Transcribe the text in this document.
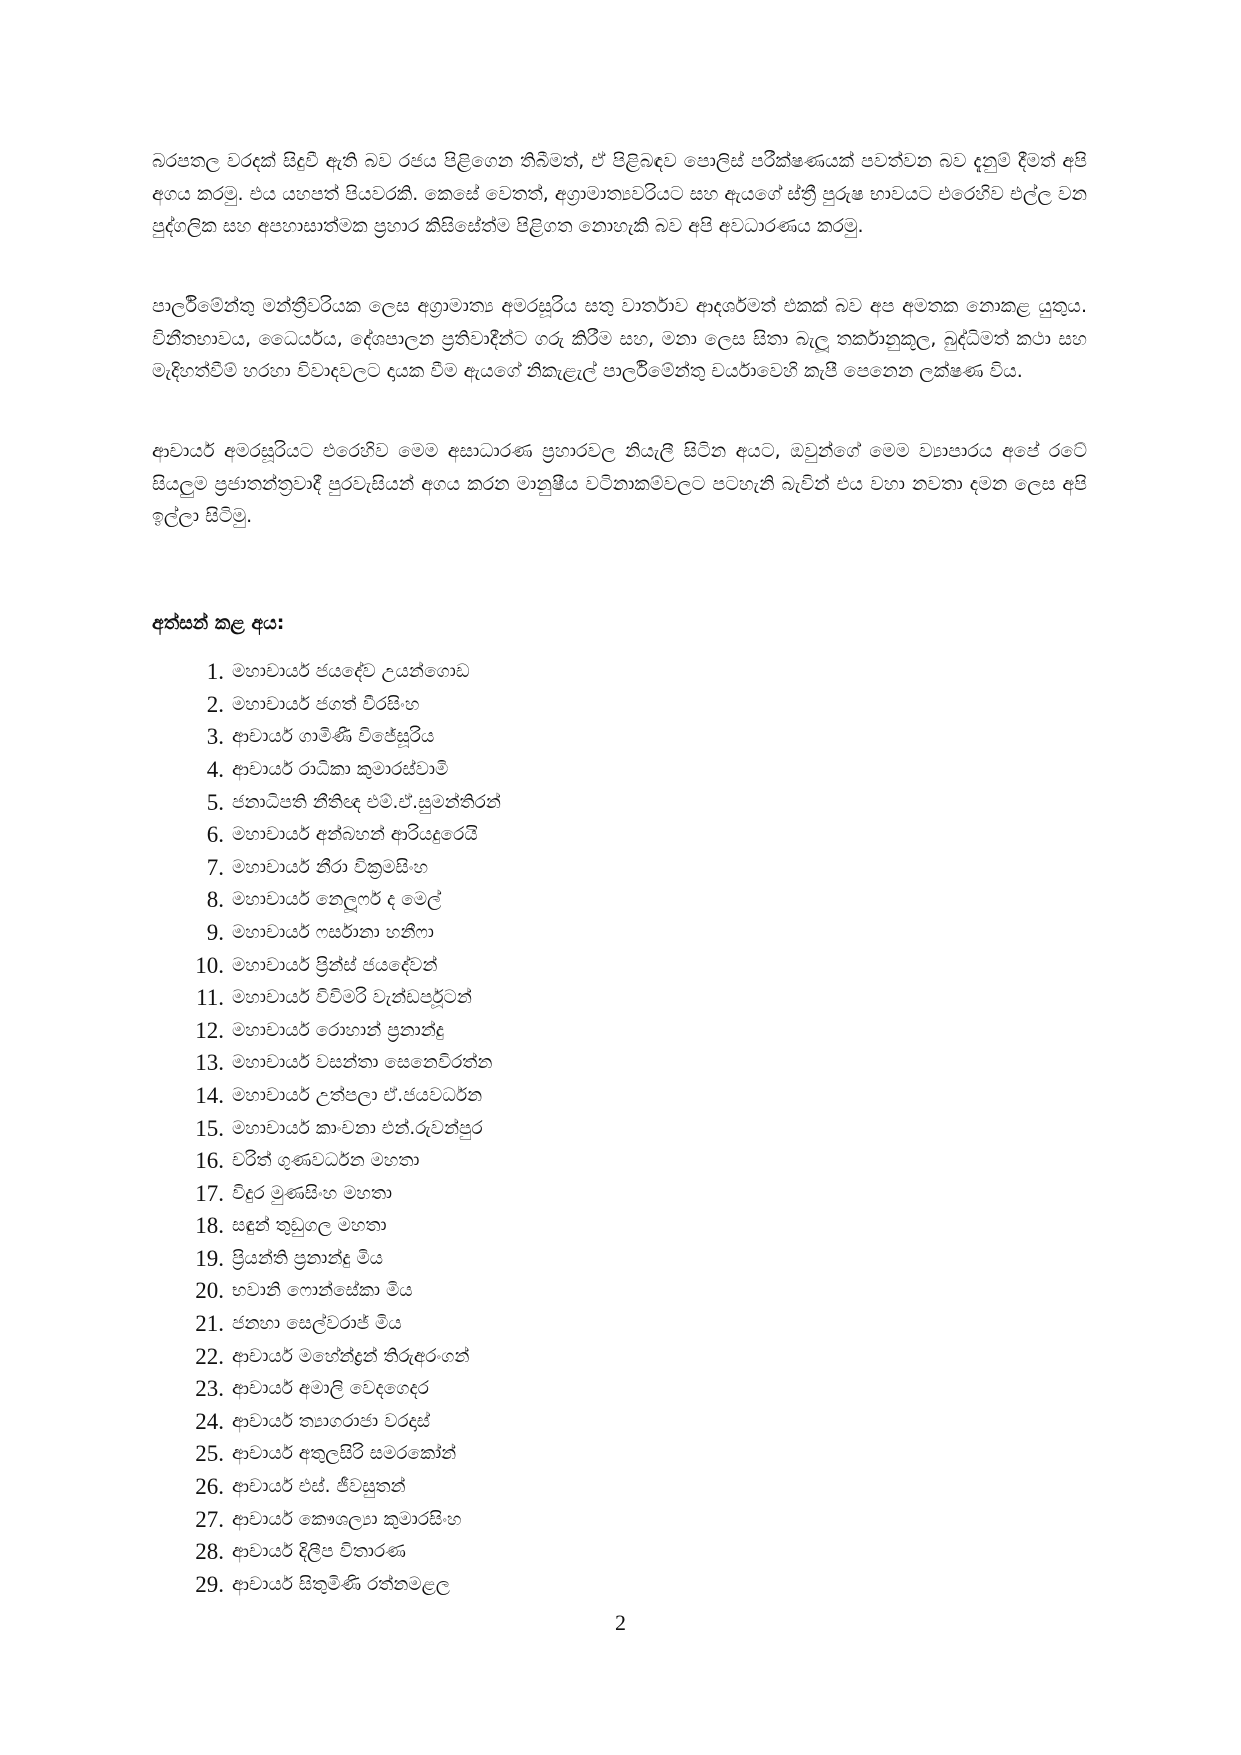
බරපතල වරදක් සිදුවී ඇති බව රජය පිළිගෙන තිබීමත්, ඒ පිළිබඳව පොලිස් පරීක්ෂණයක් පවත්වන බව දැනුම් දීමත් අපි අගය කරමු. එය යහපත් පියවරකි. කෙසේ වෙතත්, අග්‍රාමාත්‍යවරියට සහ ඇයගේ ස්ත්‍රී පුරුෂ භාවයට එරෙහිව එල්ල වන පුද්ගලික සහ අපහාසාත්මක ප්‍රහාර කිසිසේත්ම පිළිගත නොහැකි බව අපි අවධාරණය කරමු.

පාර්ලිමේන්තු මන්ත්‍රීවරියක ලෙස අග්‍රාමාත්‍ය අමරසූරිය සතු වාර්තාව ආදර්ශමත් එකක් බව අප අමතක නොකළ යුතුය. විනීතභාවය, ධෛර්යය, දේශපාලන ප්‍රතිවාදීන්ට ගරු කිරීම සහ, මනා ලෙස සිතා බැලූ තර්කානුකූල, බුද්ධිමත් කථා සහ මැදිහත්වීම් හරහා විවාදවලට දායක වීම ඇයගේ නිකැළැල් පාර්ලිමේන්තු චර්යාවෙහි කැපී පෙනෙන ලක්ෂණ විය.

ආචාර්ය අමරසූරියට එරෙහිව මෙම අසාධාරණ ප්‍රහාරවල නියැලී සිටින අයට, ඔවුන්ගේ මෙම ව්‍යාපාරය අපේ රටේ සියලුම ප්‍රජාතන්ත්‍රවාදී පුරවැසියන් අගය කරන මානුෂීය වටිනාකම්වලට පටහැනි බැවින් එය වහා නවතා දමන ලෙස අපි ඉල්ලා සිටිමු.

අත්සන් කළ අය:
1. මහාචාර්ය ජයදේව උයන්ගොඩ
2. මහාචාර්ය ජගත් වීරසිංහ
3. ආචාර්ය ගාමිණී විජේසූරිය
4. ආචාර්ය රාධිකා කුමාරස්වාමි
5. ජනාධිපති නීතිඥ එම්.ඒ.සුමන්තිරන්
6. මහාචාර්ය අන්බහන් ආරියදුරෙයි
7. මහාචාර්ය නීරා වික්‍රමසිංහ
8. මහාචාර්ය නෙලූෆර් ද මෙල්
9. මහාචාර්ය ෆර්සානා හනීෆා
10. මහාචාර්ය ප්‍රින්ස් ජයදේවන්
11. මහාචාර්ය විවිමරි වැන්ඩර්පූටන්
12. මහාචාර්ය රොහාන් ප්‍රනාන්දු
13. මහාචාර්ය වසන්තා සෙනෙවිරත්න
14. මහාචාර්ය උත්පලා ඒ.ජයවර්ධන
15. මහාචාර්ය කාංචනා එන්.රුවන්පුර
16. චරිත් ගුණවර්ධන මහතා
17. විදුර මුණසිංහ මහතා
18. සඳුන් තුඩුගල මහතා
19. ප්‍රියන්ති ප්‍රනාන්දු මිය
20. භවානි ෆොන්සේකා මිය
21. ජනහා සෙල්වරාජ් මිය
22. ආචාර්ය මහේන්ද්‍රන් තිරුඅරංගන්
23. ආචාර්ය අමාලි වෙදගෙදර
24. ආචාර්ය ත්‍යාගරාජා වරදාස්
25. ආචාර්ය අතුලසිරි සමරකෝන්
26. ආචාර්ය එස්. ජීවසුතන්
27. ආචාර්ය කෞශල්‍යා කුමාරසිංහ
28. ආචාර්ය දිලීප විතාරණ
29. ආචාර්ය සිතුමිණි රත්නමළල
2
